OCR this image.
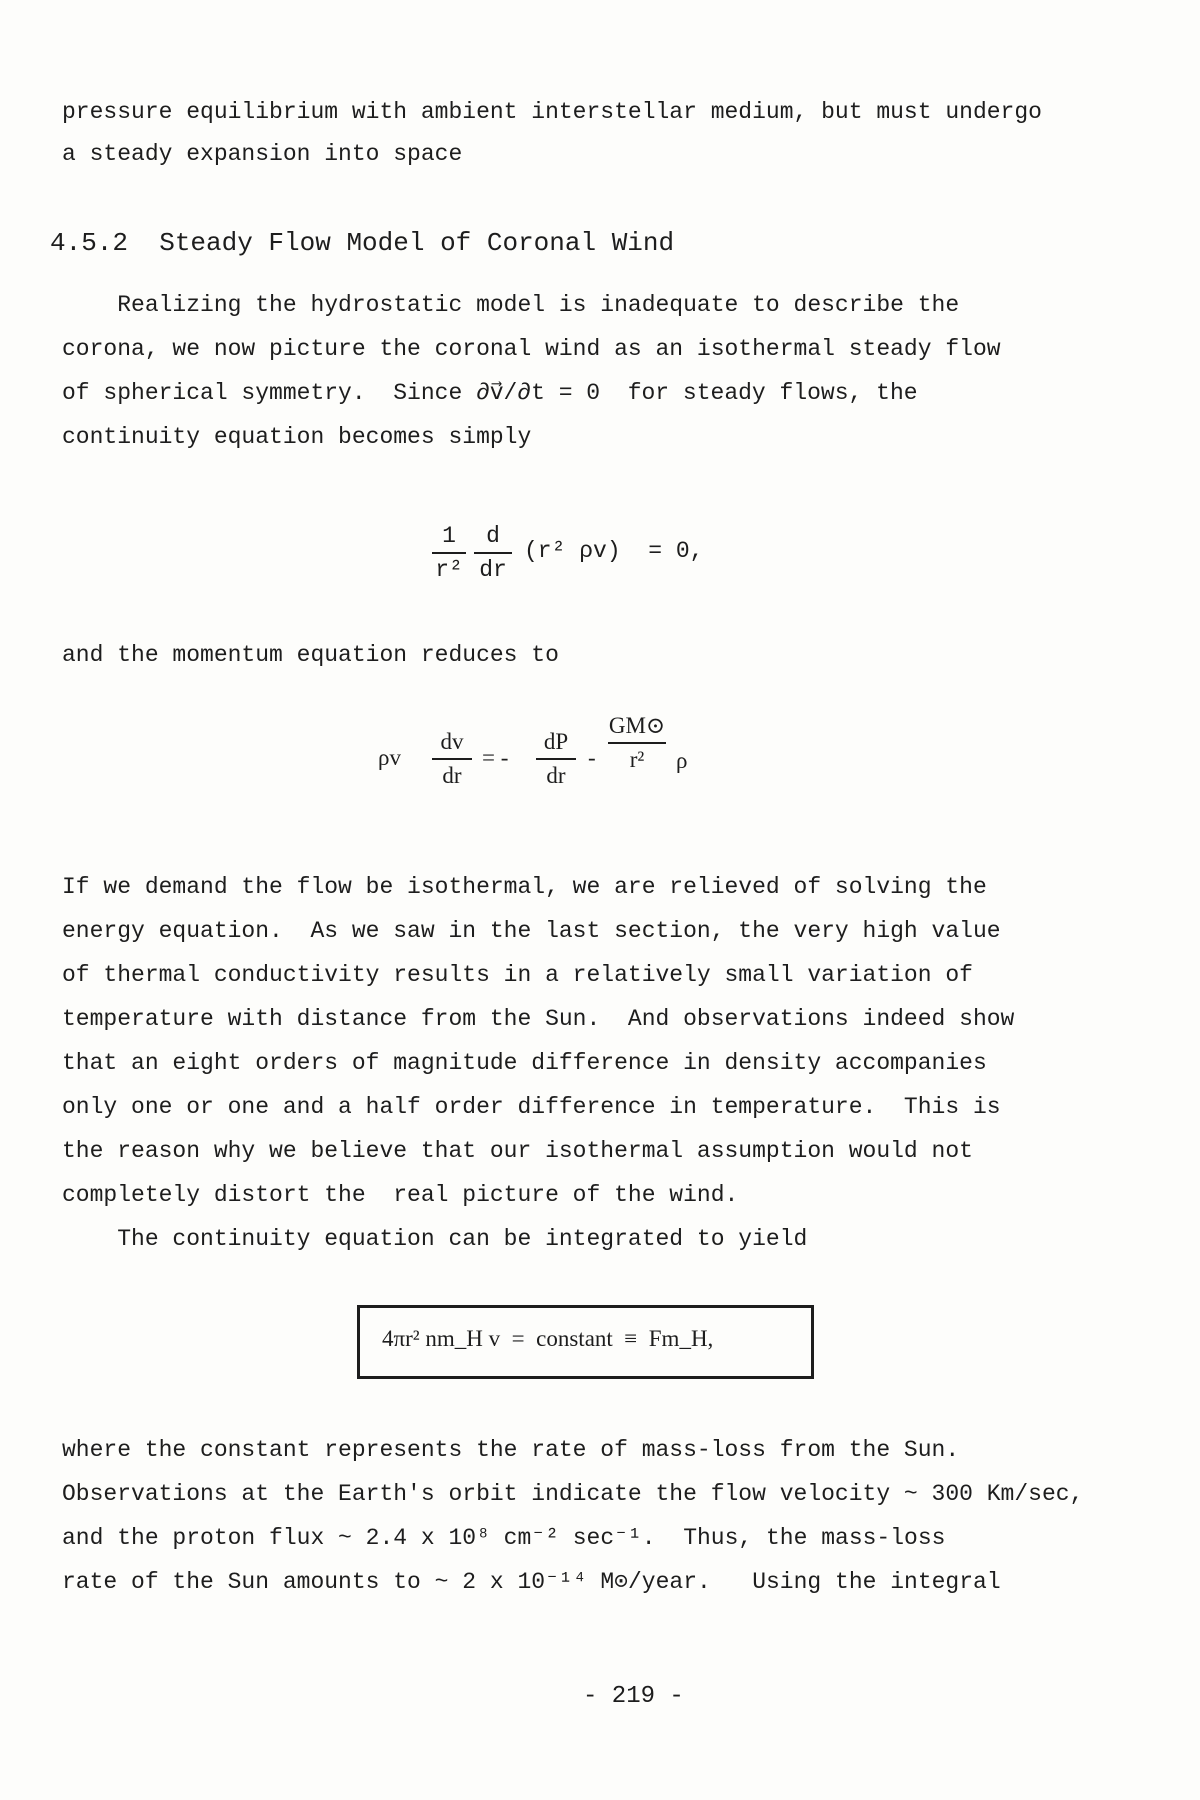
pressure equilibrium with ambient interstellar medium, but must undergo
a steady expansion into space
4.5.2  Steady Flow Model of Coronal Wind
Realizing the hydrostatic model is inadequate to describe the
corona, we now picture the coronal wind as an isothermal steady flow
of spherical symmetry.  Since ∂v⃗/∂t = 0  for steady flows, the
continuity equation becomes simply
1
r²
d
dr
(r² ρv)  = 0,
and the momentum equation reduces to
ρv
dv
dr
= -
dP
dr
-
GM⊙
r²	ρ
If we demand the flow be isothermal, we are relieved of solving the
energy equation.  As we saw in the last section, the very high value
of thermal conductivity results in a relatively small variation of
temperature with distance from the Sun.  And observations indeed show
that an eight orders of magnitude difference in density accompanies
only one or one and a half order difference in temperature.  This is
the reason why we believe that our isothermal assumption would not
completely distort the  real picture of the wind.
The continuity equation can be integrated to yield
4πr² nm_H v  =  constant  ≡  Fm_H,
where the constant represents the rate of mass-loss from the Sun.
Observations at the Earth's orbit indicate the flow velocity ~ 300 Km/sec,
and the proton flux ~ 2.4 x 10⁸ cm⁻² sec⁻¹.  Thus, the mass-loss
rate of the Sun amounts to ~ 2 x 10⁻¹⁴ M⊙/year.   Using the integral
- 219 -
